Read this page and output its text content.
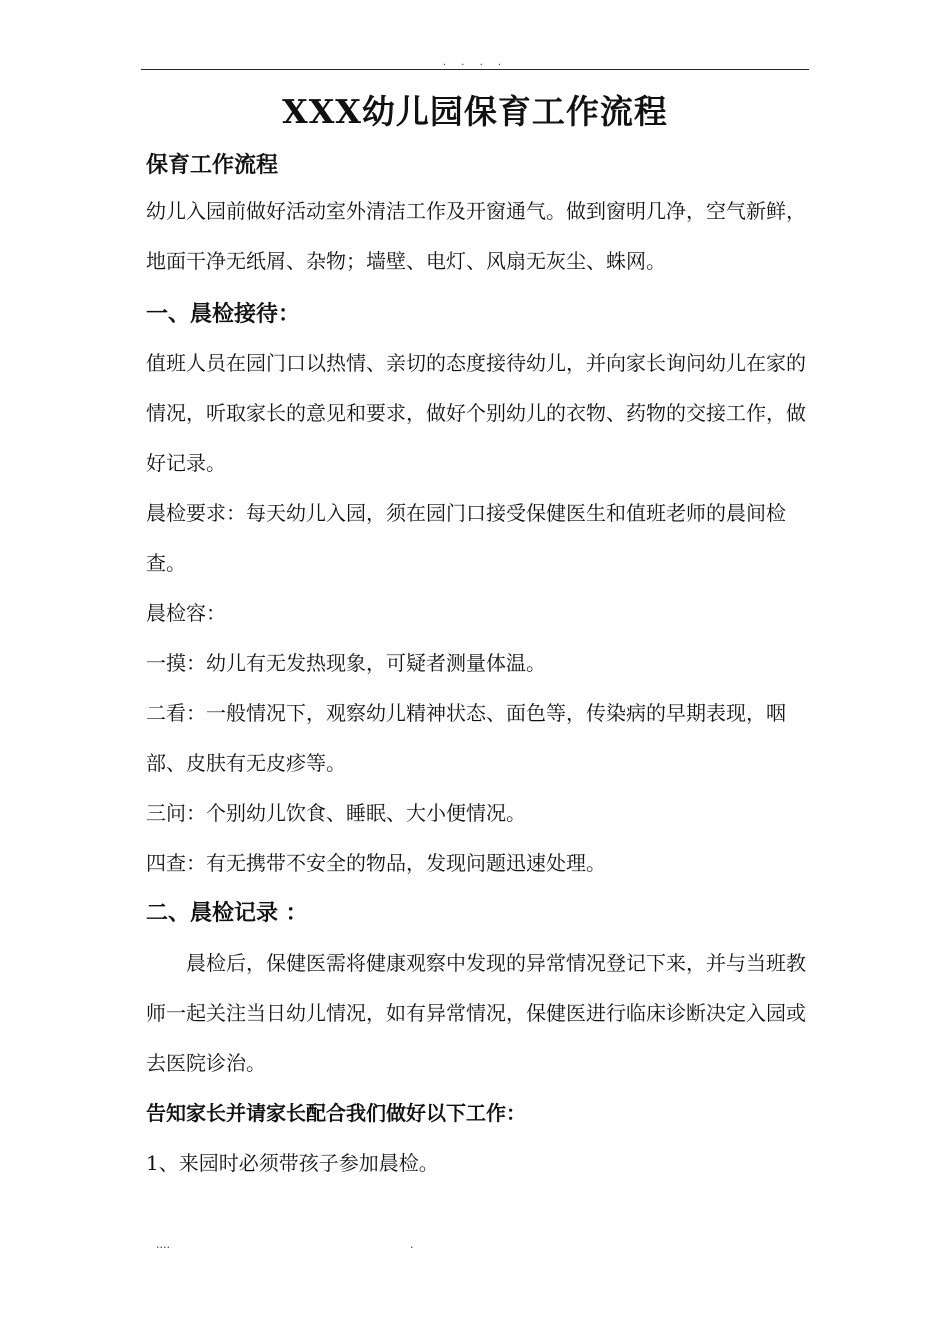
. . . .
XXX幼儿园保育工作流程
保育工作流程

幼儿入园前做好活动室外清洁工作及开窗通气。做到窗明几净，空气新鲜，地面干净无纸屑、杂物；墙壁、电灯、风扇无灰尘、蛛网。

一、晨检接待：

值班人员在园门口以热情、亲切的态度接待幼儿，并向家长询问幼儿在家的情况，听取家长的意见和要求，做好个别幼儿的衣物、药物的交接工作，做好记录。

晨检要求：每天幼儿入园，须在园门口接受保健医生和值班老师的晨间检查。

晨检容：

一摸：幼儿有无发热现象，可疑者测量体温。

二看：一般情况下，观察幼儿精神状态、面色等，传染病的早期表现，咽部、皮肤有无皮疹等。

三问：个别幼儿饮食、睡眠、大小便情况。

四查：有无携带不安全的物品，发现问题迅速处理。

二、晨检记录 ：

晨检后，保健医需将健康观察中发现的异常情况登记下来，并与当班教师一起关注当日幼儿情况，如有异常情况，保健医进行临床诊断决定入园或去医院诊治。

告知家长并请家长配合我们做好以下工作：

1、来园时必须带孩子参加晨检。

....	.
